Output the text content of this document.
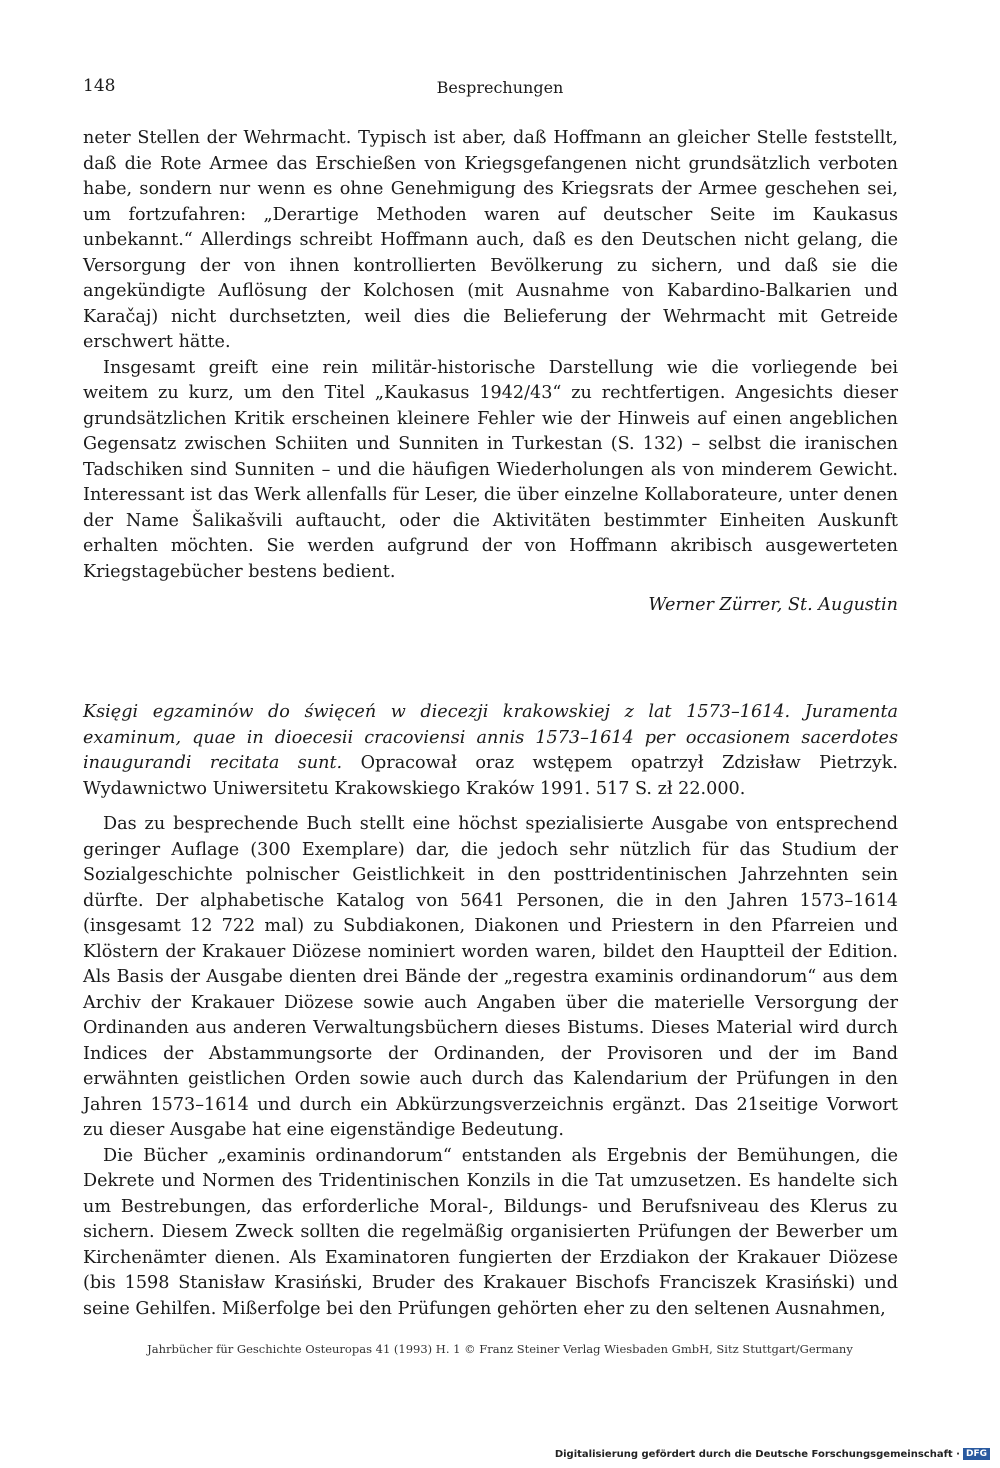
148	Besprechungen

neter Stellen der Wehrmacht. Typisch ist aber, daß Hoffmann an gleicher Stelle feststellt, daß die Rote Armee das Erschießen von Kriegsgefangenen nicht grundsätzlich verboten habe, sondern nur wenn es ohne Genehmigung des Kriegsrats der Armee geschehen sei, um fortzufahren: „Derartige Methoden waren auf deutscher Seite im Kaukasus unbekannt.“ Allerdings schreibt Hoffmann auch, daß es den Deutschen nicht gelang, die Versorgung der von ihnen kontrollierten Bevölkerung zu sichern, und daß sie die angekündigte Auflösung der Kolchosen (mit Ausnahme von Kabardino-Balkarien und Karačaj) nicht durchsetzten, weil dies die Belieferung der Wehrmacht mit Getreide erschwert hätte.

Insgesamt greift eine rein militär-historische Darstellung wie die vorliegende bei weitem zu kurz, um den Titel „Kaukasus 1942/43“ zu rechtfertigen. Angesichts dieser grundsätzlichen Kritik erscheinen kleinere Fehler wie der Hinweis auf einen angeblichen Gegensatz zwischen Schiiten und Sunniten in Turkestan (S. 132) – selbst die iranischen Tadschiken sind Sunniten – und die häufigen Wiederholungen als von minderem Gewicht. Interessant ist das Werk allenfalls für Leser, die über einzelne Kollaborateure, unter denen der Name Šalikašvili auftaucht, oder die Aktivitäten bestimmter Einheiten Auskunft erhalten möchten. Sie werden aufgrund der von Hoffmann akribisch ausgewerteten Kriegstagebücher bestens bedient.

Werner Zürrer, St. Augustin

Księgi egzaminów do święceń w diecezji krakowskiej z lat 1573–1614. Juramenta examinum, quae in dioecesii cracoviensi annis 1573–1614 per occasionem sacerdotes inaugurandi recitata sunt. Opracował oraz wstępem opatrzył Zdzisław Pietrzyk. Wydawnictwo Uniwersitetu Krakowskiego Kraków 1991. 517 S. zł 22.000.

Das zu besprechende Buch stellt eine höchst spezialisierte Ausgabe von entsprechend geringer Auflage (300 Exemplare) dar, die jedoch sehr nützlich für das Studium der Sozialgeschichte polnischer Geistlichkeit in den posttridentinischen Jahrzehnten sein dürfte. Der alphabetische Katalog von 5641 Personen, die in den Jahren 1573–1614 (insgesamt 12 722 mal) zu Subdiakonen, Diakonen und Priestern in den Pfarreien und Klöstern der Krakauer Diözese nominiert worden waren, bildet den Hauptteil der Edition. Als Basis der Ausgabe dienten drei Bände der „regestra examinis ordinandorum“ aus dem Archiv der Krakauer Diözese sowie auch Angaben über die materielle Versorgung der Ordinanden aus anderen Verwaltungsbüchern dieses Bistums. Dieses Material wird durch Indices der Abstammungsorte der Ordinanden, der Provisoren und der im Band erwähnten geistlichen Orden sowie auch durch das Kalendarium der Prüfungen in den Jahren 1573–1614 und durch ein Abkürzungsverzeichnis ergänzt. Das 21seitige Vorwort zu dieser Ausgabe hat eine eigenständige Bedeutung.

Die Bücher „examinis ordinandorum“ entstanden als Ergebnis der Bemühungen, die Dekrete und Normen des Tridentinischen Konzils in die Tat umzusetzen. Es handelte sich um Bestrebungen, das erforderliche Moral-, Bildungs- und Berufsniveau des Klerus zu sichern. Diesem Zweck sollten die regelmäßig organisierten Prüfungen der Bewerber um Kirchenämter dienen. Als Examinatoren fungierten der Erzdiakon der Krakauer Diözese (bis 1598 Stanisław Krasiński, Bruder des Krakauer Bischofs Franciszek Krasiński) und seine Gehilfen. Mißerfolge bei den Prüfungen gehörten eher zu den seltenen Ausnahmen,

Jahrbücher für Geschichte Osteuropas 41 (1993) H. 1 © Franz Steiner Verlag Wiesbaden GmbH, Sitz Stuttgart/Germany
Digitalisierung gefördert durch die Deutsche Forschungsgemeinschaft · DFG
